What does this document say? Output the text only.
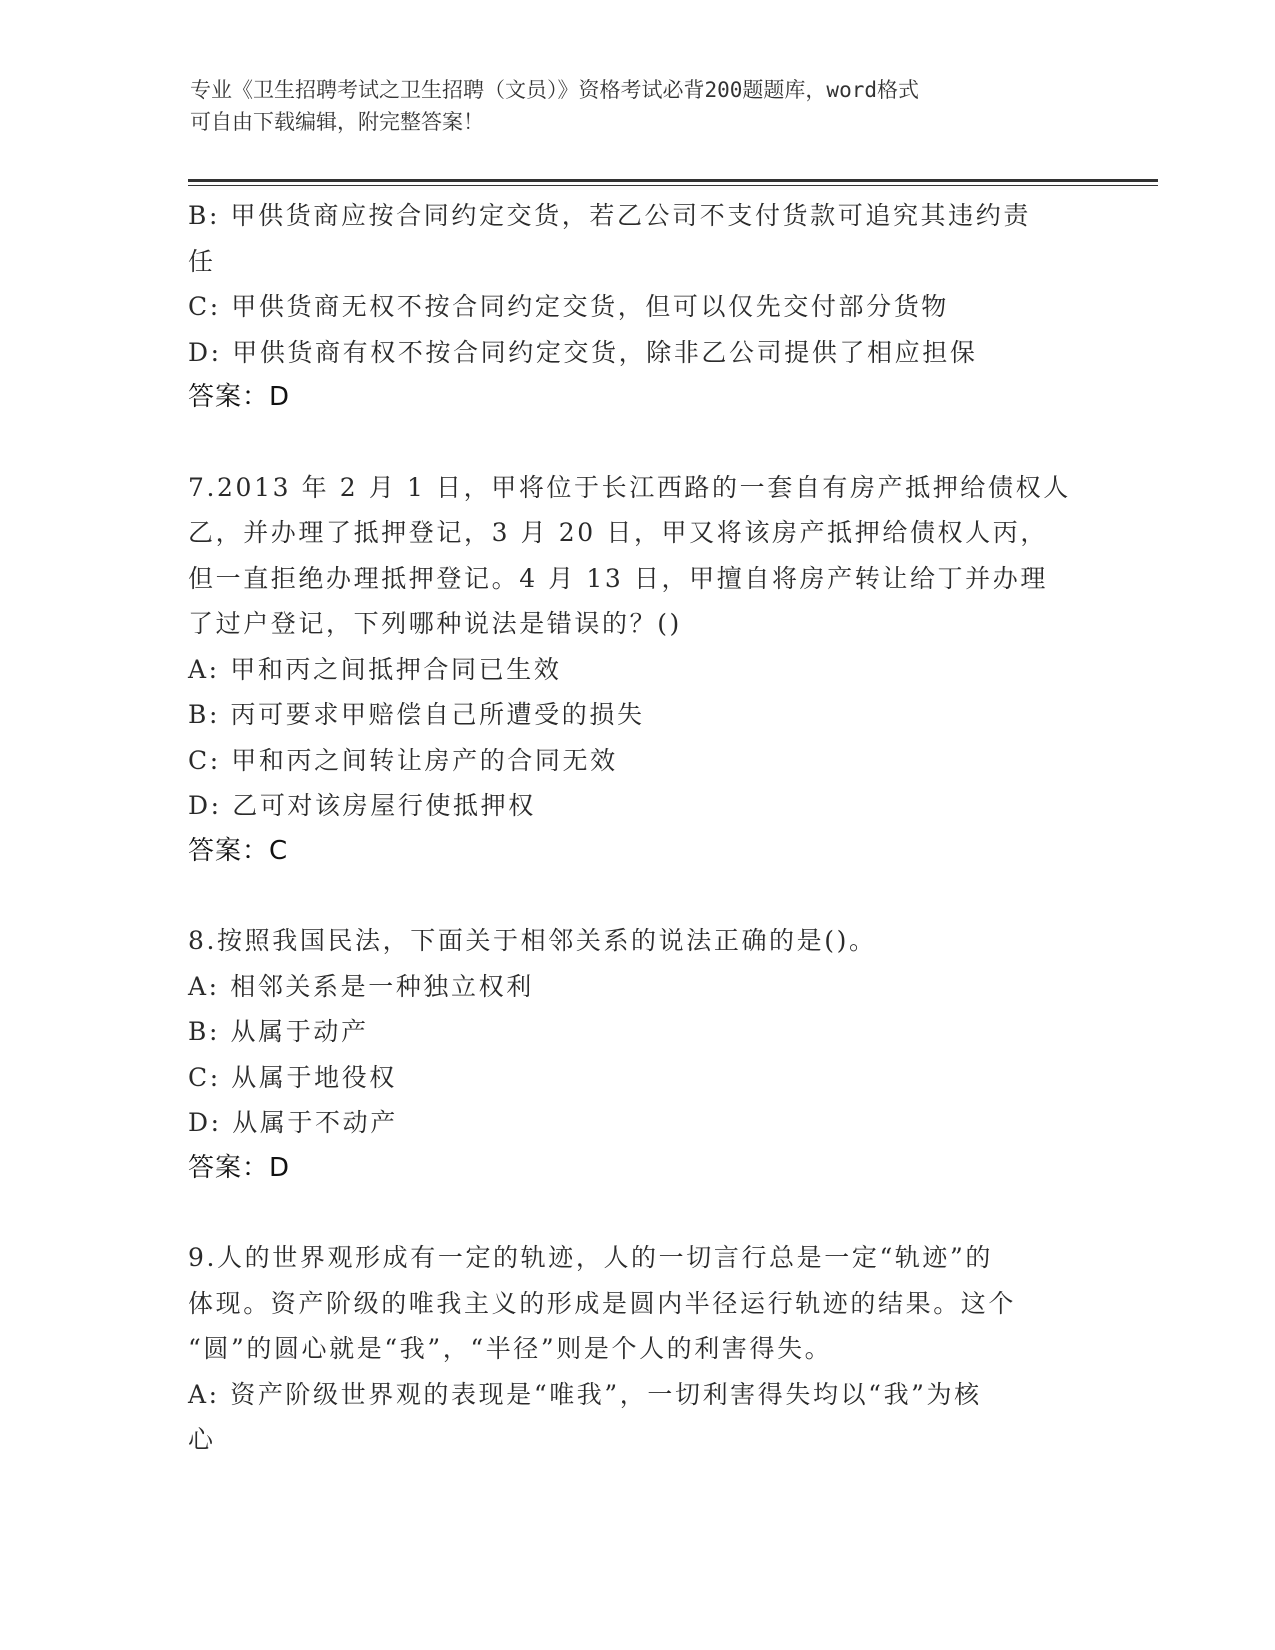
专业《卫生招聘考试之卫生招聘（文员）》资格考试必背200题题库，word格式
可自由下载编辑，附完整答案！
B: 甲供货商应按合同约定交货，若乙公司不支付货款可追究其违约责
任
C: 甲供货商无权不按合同约定交货，但可以仅先交付部分货物
D: 甲供货商有权不按合同约定交货，除非乙公司提供了相应担保
答案：D
7.2013 年 2 月 1 日，甲将位于长江西路的一套自有房产抵押给债权人
乙，并办理了抵押登记，3 月 20 日，甲又将该房产抵押给债权人丙，
但一直拒绝办理抵押登记。4 月 13 日，甲擅自将房产转让给丁并办理
了过户登记，下列哪种说法是错误的？()
A: 甲和丙之间抵押合同已生效
B: 丙可要求甲赔偿自己所遭受的损失
C: 甲和丙之间转让房产的合同无效
D: 乙可对该房屋行使抵押权
答案：C
8.按照我国民法，下面关于相邻关系的说法正确的是()。
A: 相邻关系是一种独立权利
B: 从属于动产
C: 从属于地役权
D: 从属于不动产
答案：D
9.人的世界观形成有一定的轨迹，人的一切言行总是一定“轨迹”的
体现。资产阶级的唯我主义的形成是圆内半径运行轨迹的结果。这个
“圆”的圆心就是“我”，“半径”则是个人的利害得失。
A: 资产阶级世界观的表现是“唯我”，一切利害得失均以“我”为核
心
